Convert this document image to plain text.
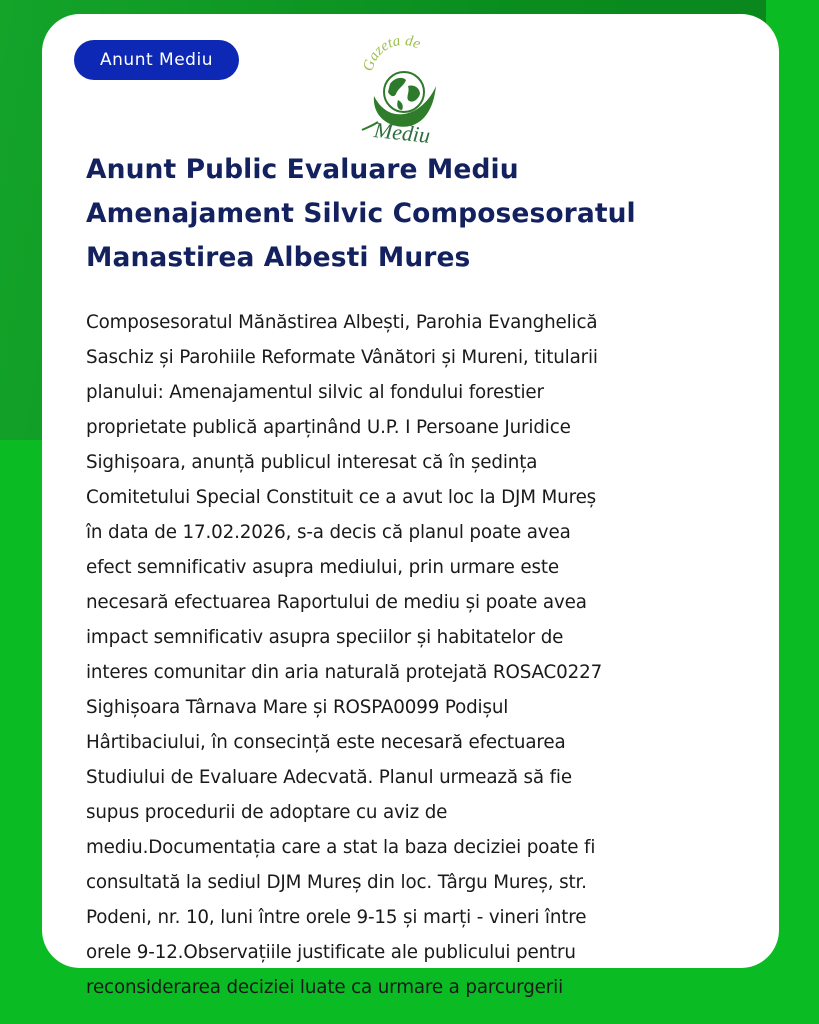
Anunt Mediu	Gazeta de
Mediu
Anunt Public Evaluare Mediu
Amenajament Silvic Composesoratul
Manastirea Albesti Mures

Composesoratul Mănăstirea Albești, Parohia Evanghelică
Saschiz și Parohiile Reformate Vânători și Mureni, titularii
planului: Amenajamentul silvic al fondului forestier
proprietate publică aparținând U.P. I Persoane Juridice
Sighișoara, anunță publicul interesat că în ședința
Comitetului Special Constituit ce a avut loc la DJM Mureș
în data de 17.02.2026, s-a decis că planul poate avea
efect semnificativ asupra mediului, prin urmare este
necesară efectuarea Raportului de mediu și poate avea
impact semnificativ asupra speciilor și habitatelor de
interes comunitar din aria naturală protejată ROSAC0227
Sighișoara Târnava Mare și ROSPA0099 Podișul
Hârtibaciului, în consecință este necesară efectuarea
Studiului de Evaluare Adecvată. Planul urmează să fie
supus procedurii de adoptare cu aviz de
mediu.Documentația care a stat la baza deciziei poate fi
consultată la sediul DJM Mureș din loc. Târgu Mureș, str.
Podeni, nr. 10, luni între orele 9-15 și marți - vineri între
orele 9-12.Observațiile justificate ale publicului pentru
reconsiderarea deciziei luate ca urmare a parcurgerii
